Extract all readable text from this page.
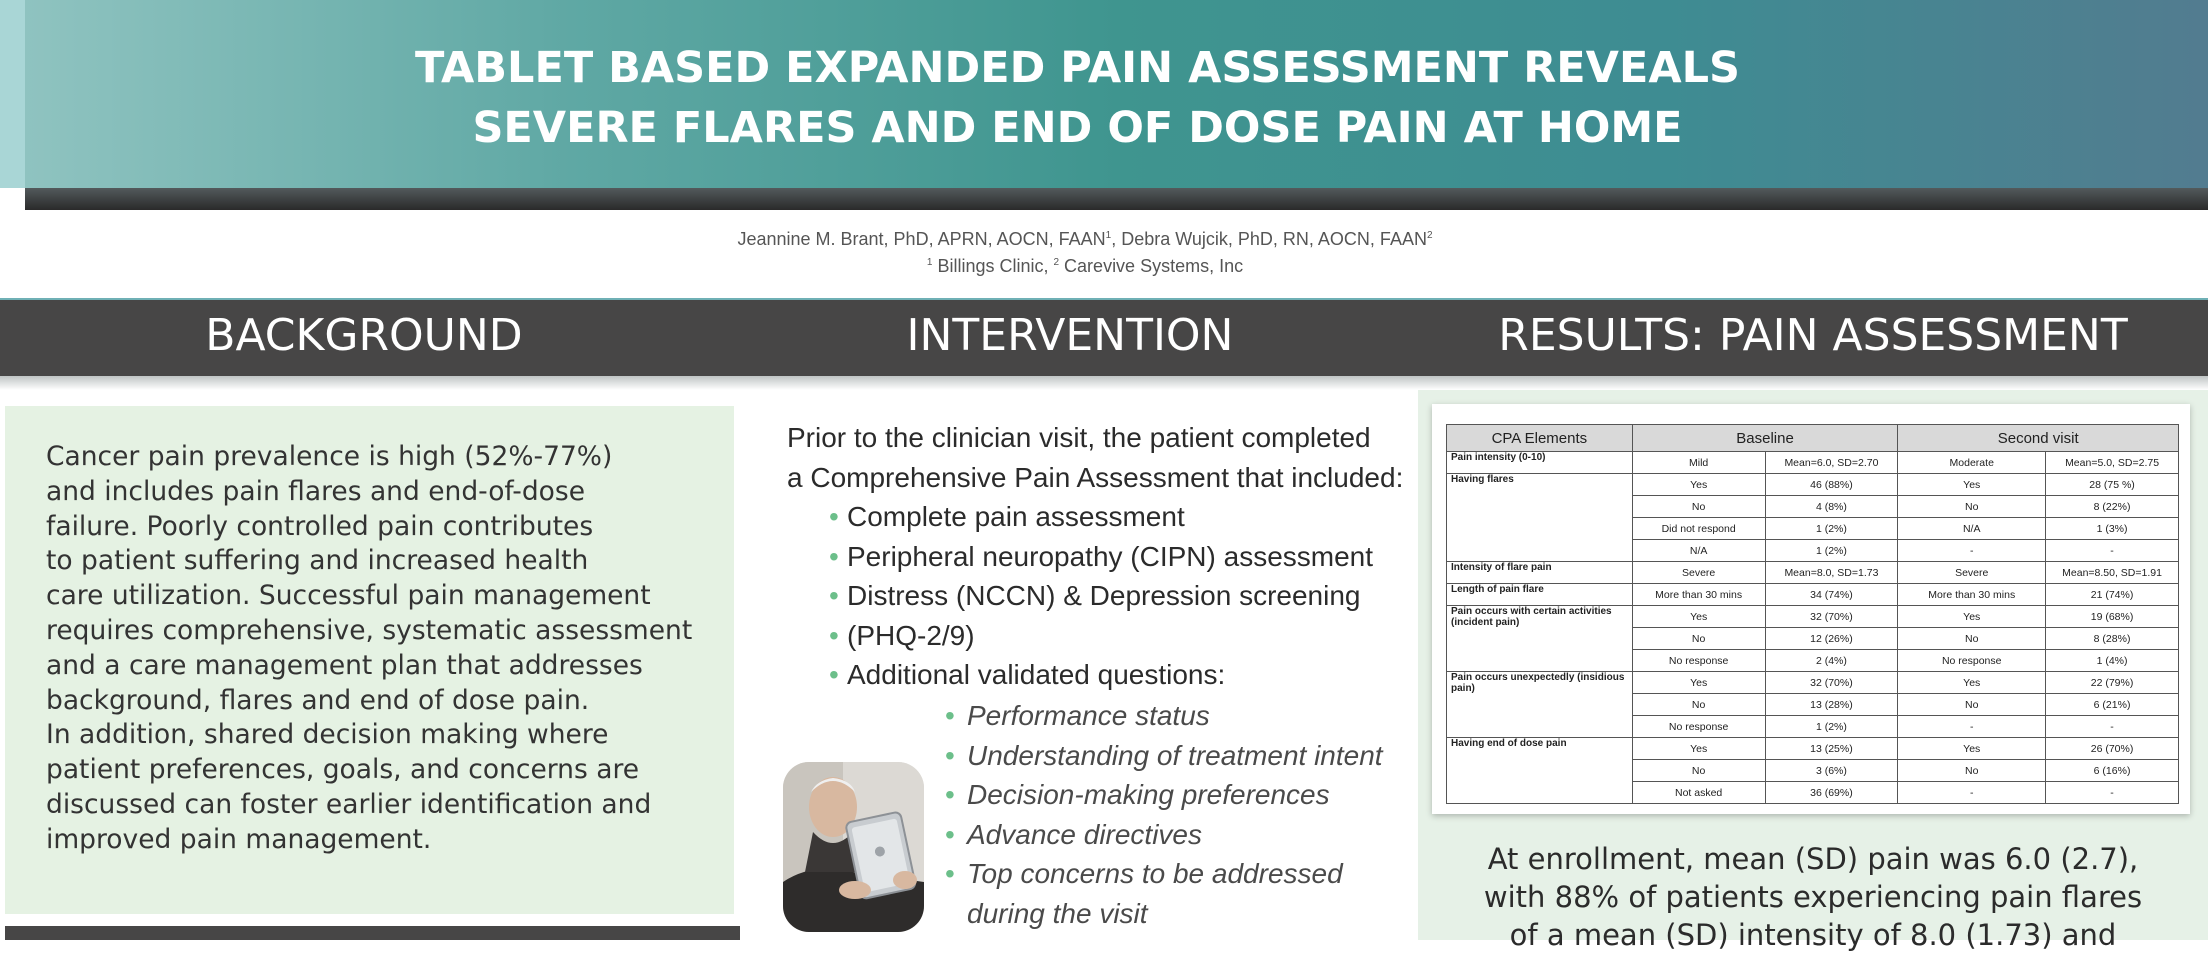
TABLET BASED EXPANDED PAIN ASSESSMENT REVEALS
SEVERE FLARES AND END OF DOSE PAIN AT HOME
Jeannine M. Brant, PhD, APRN, AOCN, FAAN$^1$, Debra Wujcik, PhD, RN, AOCN, FAAN$^2$
$^1$ Billings Clinic, $^2$ Carevive Systems, Inc
BACKGROUND	INTERVENTION	RESULTS: PAIN ASSESSMENT

Cancer pain prevalence is high (52%-77%)
and includes pain flares and end-of-dose
failure. Poorly controlled pain contributes
to patient suffering and increased health
care utilization. Successful pain management
requires comprehensive, systematic assessment
and a care management plan that addresses
background, flares and end of dose pain.
In addition, shared decision making where
patient preferences, goals, and concerns are
discussed can foster earlier identification and
improved pain management.

Prior to the clinician visit, the patient completed
a Comprehensive Pain Assessment that included:
• Complete pain assessment
• Peripheral neuropathy (CIPN) assessment
• Distress (NCCN) & Depression screening
• (PHQ-2/9)
• Additional validated questions:
• Performance status
• Understanding of treatment intent
• Decision-making preferences
• Advance directives
• Top concerns to be addressed
during the visit
CPA Elements	Baseline		Second visit	
Pain intensity (0-10)	Mild	Mean=6.0, SD=2.70	Moderate	Mean=5.0, SD=2.75
Having flares	Yes	46 (88%)	Yes	28 (75 %)
	No	4 (8%)	No	8 (22%)
	Did not respond	1 (2%)	N/A	1 (3%)
	N/A	1 (2%)	-	-
Intensity of flare pain	Severe	Mean=8.0, SD=1.73	Severe	Mean=8.50, SD=1.91
Length of pain flare	More than 30 mins	34 (74%)	More than 30 mins	21 (74%)
Pain occurs with certain activities (incident pain)	Yes	32 (70%)	Yes	19 (68%)
	No	12 (26%)	No	8 (28%)
	No response	2 (4%)	No response	1 (4%)
Pain occurs unexpectedly (insidious pain)	Yes	32 (70%)	Yes	22 (79%)
	No	13 (28%)	No	6 (21%)
	No response	1 (2%)	-	-
Having end of dose pain	Yes	13 (25%)	Yes	26 (70%)
	No	3 (6%)	No	6 (16%)
	Not asked	36 (69%)	-	-
At enrollment, mean (SD) pain was 6.0 (2.7),
with 88% of patients experiencing pain flares
of a mean (SD) intensity of 8.0 (1.73) and
